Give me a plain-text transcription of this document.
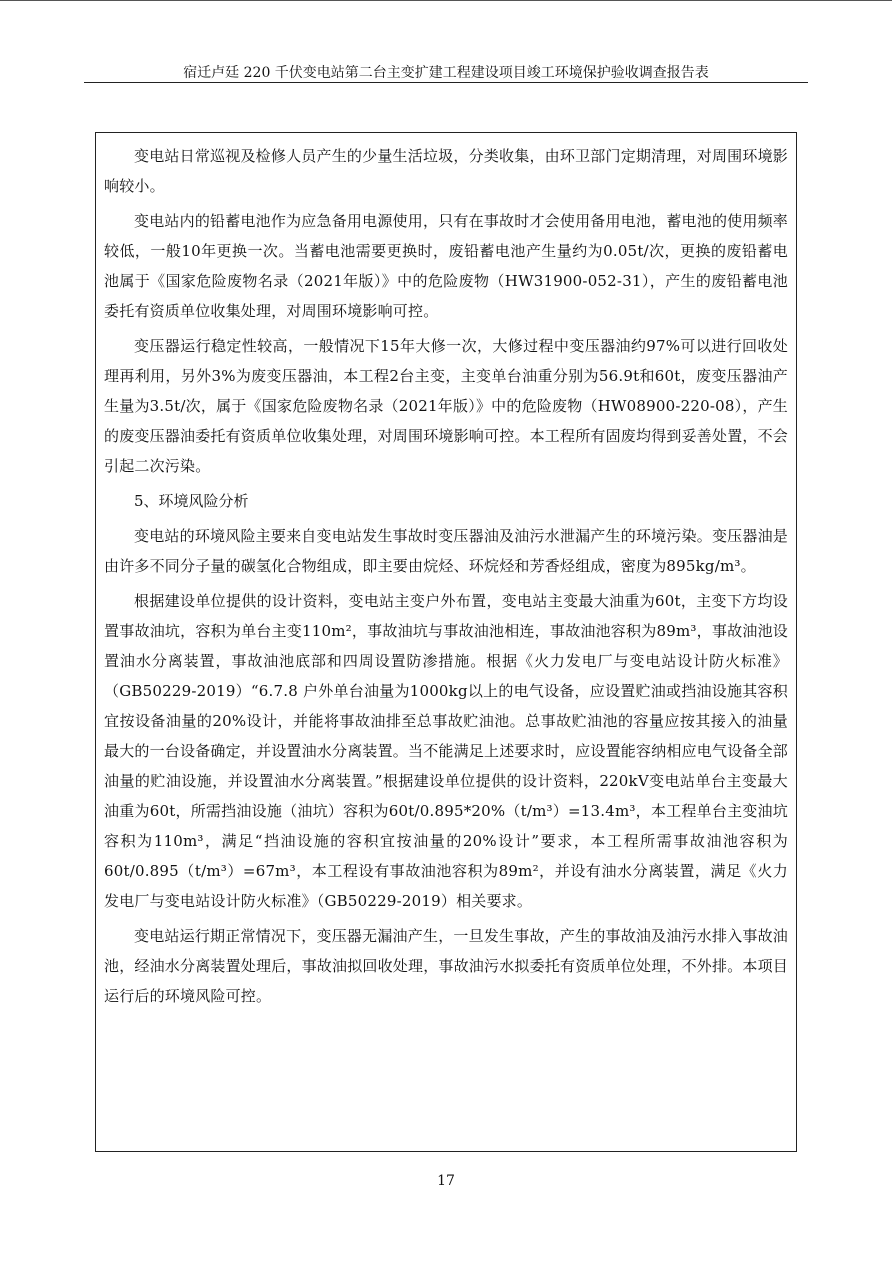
宿迁卢廷 220 千伏变电站第二台主变扩建工程建设项目竣工环境保护验收调查报告表

变电站日常巡视及检修人员产生的少量生活垃圾，分类收集，由环卫部门定期清理，对周围环境影响较小。

变电站内的铅蓄电池作为应急备用电源使用，只有在事故时才会使用备用电池，蓄电池的使用频率较低，一般10年更换一次。当蓄电池需要更换时，废铅蓄电池产生量约为0.05t/次，更换的废铅蓄电池属于《国家危险废物名录（2021年版）》中的危险废物（HW31900-052-31），产生的废铅蓄电池委托有资质单位收集处理，对周围环境影响可控。

变压器运行稳定性较高，一般情况下15年大修一次，大修过程中变压器油约97%可以进行回收处理再利用，另外3%为废变压器油，本工程2台主变，主变单台油重分别为56.9t和60t，废变压器油产生量为3.5t/次，属于《国家危险废物名录（2021年版）》中的危险废物（HW08900-220-08），产生的废变压器油委托有资质单位收集处理，对周围环境影响可控。本工程所有固废均得到妥善处置，不会引起二次污染。

5、环境风险分析

变电站的环境风险主要来自变电站发生事故时变压器油及油污水泄漏产生的环境污染。变压器油是由许多不同分子量的碳氢化合物组成，即主要由烷烃、环烷烃和芳香烃组成，密度为895kg/m³。

根据建设单位提供的设计资料，变电站主变户外布置，变电站主变最大油重为60t，主变下方均设置事故油坑，容积为单台主变110m²，事故油坑与事故油池相连，事故油池容积为89m³，事故油池设置油水分离装置，事故油池底部和四周设置防渗措施。根据《火力发电厂与变电站设计防火标准》（GB50229-2019）“6.7.8 户外单台油量为1000kg以上的电气设备，应设置贮油或挡油设施其容积宜按设备油量的20%设计，并能将事故油排至总事故贮油池。总事故贮油池的容量应按其接入的油量最大的一台设备确定，并设置油水分离装置。当不能满足上述要求时，应设置能容纳相应电气设备全部油量的贮油设施，并设置油水分离装置。”根据建设单位提供的设计资料，220kV变电站单台主变最大油重为60t，所需挡油设施（油坑）容积为60t/0.895*20%（t/m³）=13.4m³，本工程单台主变油坑容积为110m³，满足“挡油设施的容积宜按油量的20%设计”要求，本工程所需事故油池容积为60t/0.895（t/m³）=67m³，本工程设有事故油池容积为89m²，并设有油水分离装置，满足《火力发电厂与变电站设计防火标准》（GB50229-2019）相关要求。

变电站运行期正常情况下，变压器无漏油产生，一旦发生事故，产生的事故油及油污水排入事故油池，经油水分离装置处理后，事故油拟回收处理，事故油污水拟委托有资质单位处理，不外排。本项目运行后的环境风险可控。

17
